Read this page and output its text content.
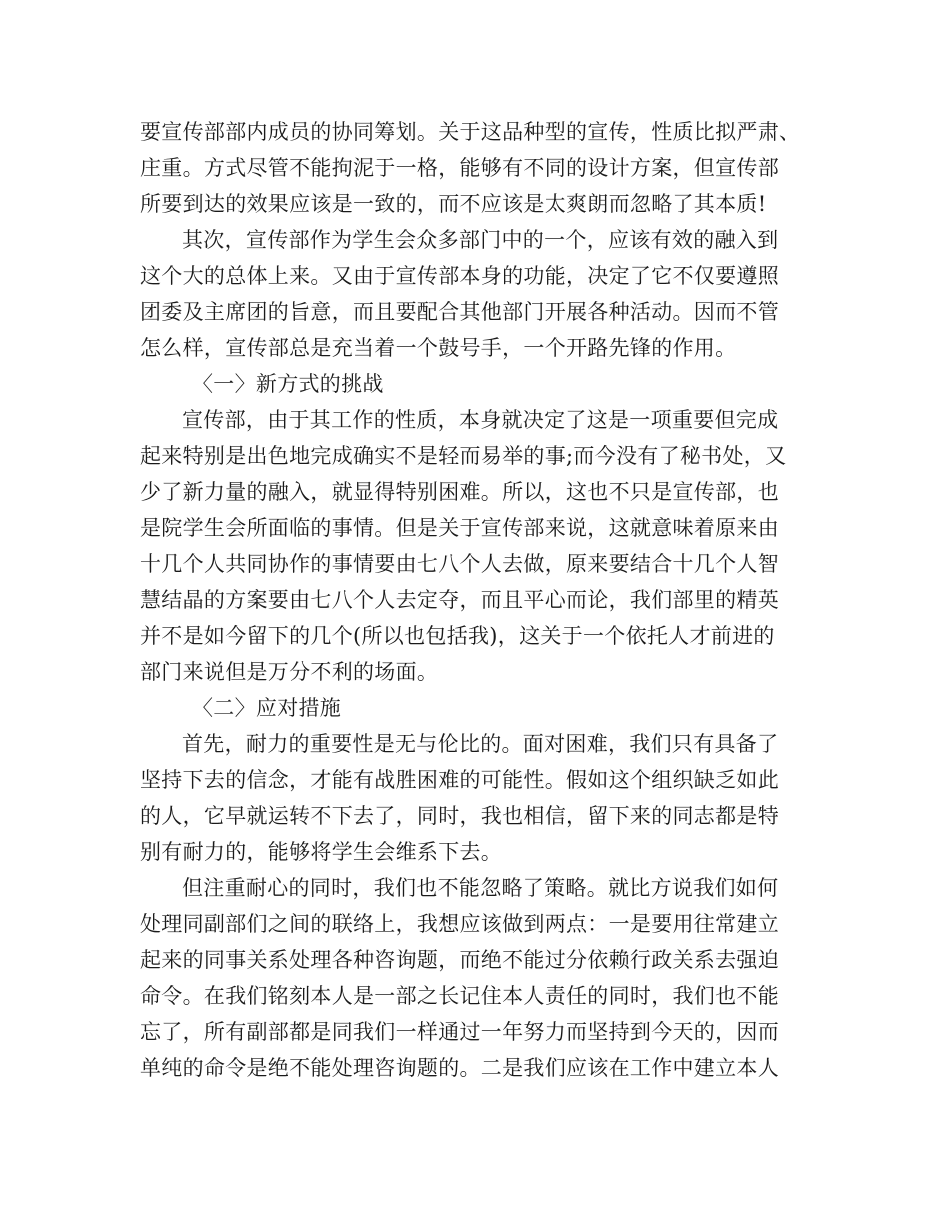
要宣传部部内成员的协同筹划。关于这品种型的宣传，性质比拟严肃、
庄重。方式尽管不能拘泥于一格，能够有不同的设计方案，但宣传部
所要到达的效果应该是一致的，而不应该是太爽朗而忽略了其本质!
其次，宣传部作为学生会众多部门中的一个，应该有效的融入到
这个大的总体上来。又由于宣传部本身的功能，决定了它不仅要遵照
团委及主席团的旨意，而且要配合其他部门开展各种活动。因而不管
怎么样，宣传部总是充当着一个鼓号手，一个开路先锋的作用。
〈一〉新方式的挑战
宣传部，由于其工作的性质，本身就决定了这是一项重要但完成
起来特别是出色地完成确实不是轻而易举的事;而今没有了秘书处，又
少了新力量的融入，就显得特别困难。所以，这也不只是宣传部，也
是院学生会所面临的事情。但是关于宣传部来说，这就意味着原来由
十几个人共同协作的事情要由七八个人去做，原来要结合十几个人智
慧结晶的方案要由七八个人去定夺，而且平心而论，我们部里的精英
并不是如今留下的几个(所以也包括我)，这关于一个依托人才前进的
部门来说但是万分不利的场面。
〈二〉应对措施
首先，耐力的重要性是无与伦比的。面对困难，我们只有具备了
坚持下去的信念，才能有战胜困难的可能性。假如这个组织缺乏如此
的人，它早就运转不下去了，同时，我也相信，留下来的同志都是特
别有耐力的，能够将学生会维系下去。
但注重耐心的同时，我们也不能忽略了策略。就比方说我们如何
处理同副部们之间的联络上，我想应该做到两点：一是要用往常建立
起来的同事关系处理各种咨询题，而绝不能过分依赖行政关系去强迫
命令。在我们铭刻本人是一部之长记住本人责任的同时，我们也不能
忘了，所有副部都是同我们一样通过一年努力而坚持到今天的，因而
单纯的命令是绝不能处理咨询题的。二是我们应该在工作中建立本人
